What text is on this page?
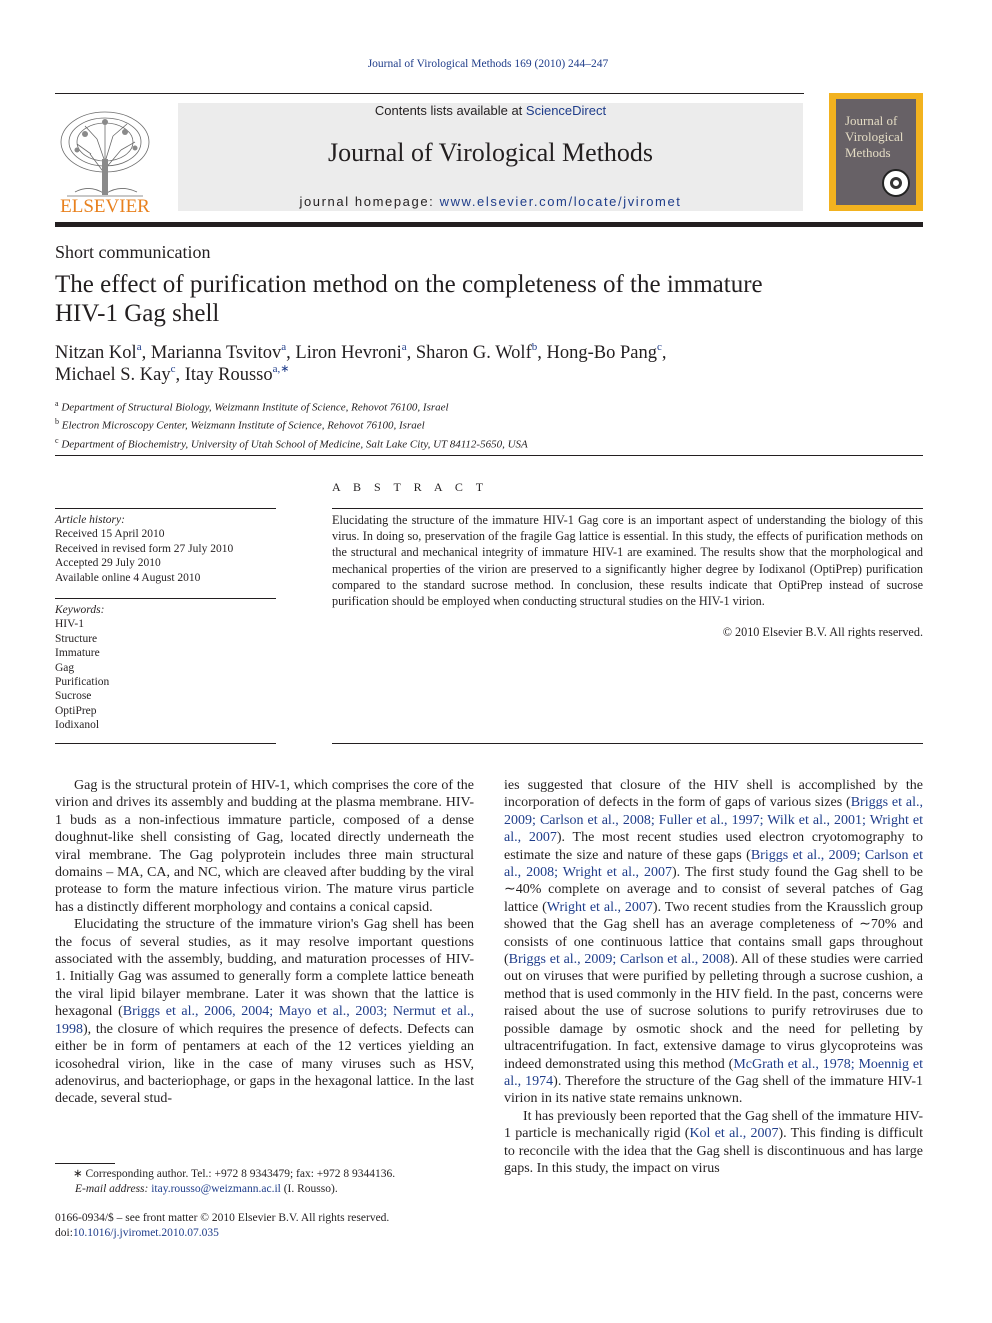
Journal of Virological Methods 169 (2010) 244–247
ELSEVIER
Contents lists available at ScienceDirect
Journal of Virological Methods
journal homepage: www.elsevier.com/locate/jviromet
Journal of
Virological
Methods
Short communication
The effect of purification method on the completeness of the immature
HIV-1 Gag shell
Nitzan Kol$^a$, Marianna Tsvitov$^a$, Liron Hevroni$^a$, Sharon G. Wolf$^b$, Hong-Bo Pang$^c$,
Michael S. Kay$^c$, Itay Rousso$^{a,∗}$
$^a$ Department of Structural Biology, Weizmann Institute of Science, Rehovot 76100, Israel
$^b$ Electron Microscopy Center, Weizmann Institute of Science, Rehovot 76100, Israel
$^c$ Department of Biochemistry, University of Utah School of Medicine, Salt Lake City, UT 84112-5650, USA
A B S T R A C T
Article history:
Received 15 April 2010
Received in revised form 27 July 2010
Accepted 29 July 2010
Available online 4 August 2010
Keywords:
HIV-1
Structure
Immature
Gag
Purification
Sucrose
OptiPrep
Iodixanol
Elucidating the structure of the immature HIV-1 Gag core is an important aspect of understanding the biology of this virus. In doing so, preservation of the fragile Gag lattice is essential. In this study, the effects of purification methods on the structural and mechanical integrity of immature HIV-1 are examined. The results show that the morphological and mechanical properties of the virion are preserved to a significantly higher degree by Iodixanol (OptiPrep) purification compared to the standard sucrose method. In conclusion, these results indicate that OptiPrep instead of sucrose purification should be employed when conducting structural studies on the HIV-1 virion.
© 2010 Elsevier B.V. All rights reserved.

Gag is the structural protein of HIV-1, which comprises the core of the virion and drives its assembly and budding at the plasma membrane. HIV-1 buds as a non-infectious immature particle, composed of a dense doughnut-like shell consisting of Gag, located directly underneath the viral membrane. The Gag polyprotein includes three main structural domains – MA, CA, and NC, which are cleaved after budding by the viral protease to form the mature infectious virion. The mature virus particle has a distinctly different morphology and contains a conical capsid.

Elucidating the structure of the immature virion's Gag shell has been the focus of several studies, as it may resolve important questions associated with the assembly, budding, and maturation processes of HIV-1. Initially Gag was assumed to generally form a complete lattice beneath the viral lipid bilayer membrane. Later it was shown that the lattice is hexagonal (Briggs et al., 2006, 2004; Mayo et al., 2003; Nermut et al., 1998), the closure of which requires the presence of defects. Defects can either be in form of pentamers at each of the 12 vertices yielding an icosohedral virion, like in the case of many viruses such as HSV, adenovirus, and bacteriophage, or gaps in the hexagonal lattice. In the last decade, several stud-

ies suggested that closure of the HIV shell is accomplished by the incorporation of defects in the form of gaps of various sizes (Briggs et al., 2009; Carlson et al., 2008; Fuller et al., 1997; Wilk et al., 2001; Wright et al., 2007). The most recent studies used electron cryotomography to estimate the size and nature of these gaps (Briggs et al., 2009; Carlson et al., 2008; Wright et al., 2007). The first study found the Gag shell to be ∼40% complete on average and to consist of several patches of Gag lattice (Wright et al., 2007). Two recent studies from the Krausslich group showed that the Gag shell has an average completeness of ∼70% and consists of one continuous lattice that contains small gaps throughout (Briggs et al., 2009; Carlson et al., 2008). All of these studies were carried out on viruses that were purified by pelleting through a sucrose cushion, a method that is used commonly in the HIV field. In the past, concerns were raised about the use of sucrose solutions to purify retroviruses due to possible damage by osmotic shock and the need for pelleting by ultracentrifugation. In fact, extensive damage to virus glycoproteins was indeed demonstrated using this method (McGrath et al., 1978; Moennig et al., 1974). Therefore the structure of the Gag shell of the immature HIV-1 virion in its native state remains unknown.

It has previously been reported that the Gag shell of the immature HIV-1 particle is mechanically rigid (Kol et al., 2007). This finding is difficult to reconcile with the idea that the Gag shell is discontinuous and has large gaps. In this study, the impact on virus

∗ Corresponding author. Tel.: +972 8 9343479; fax: +972 8 9344136.
E-mail address: itay.rousso@weizmann.ac.il (I. Rousso).
0166-0934/$ – see front matter © 2010 Elsevier B.V. All rights reserved.
doi:10.1016/j.jviromet.2010.07.035
